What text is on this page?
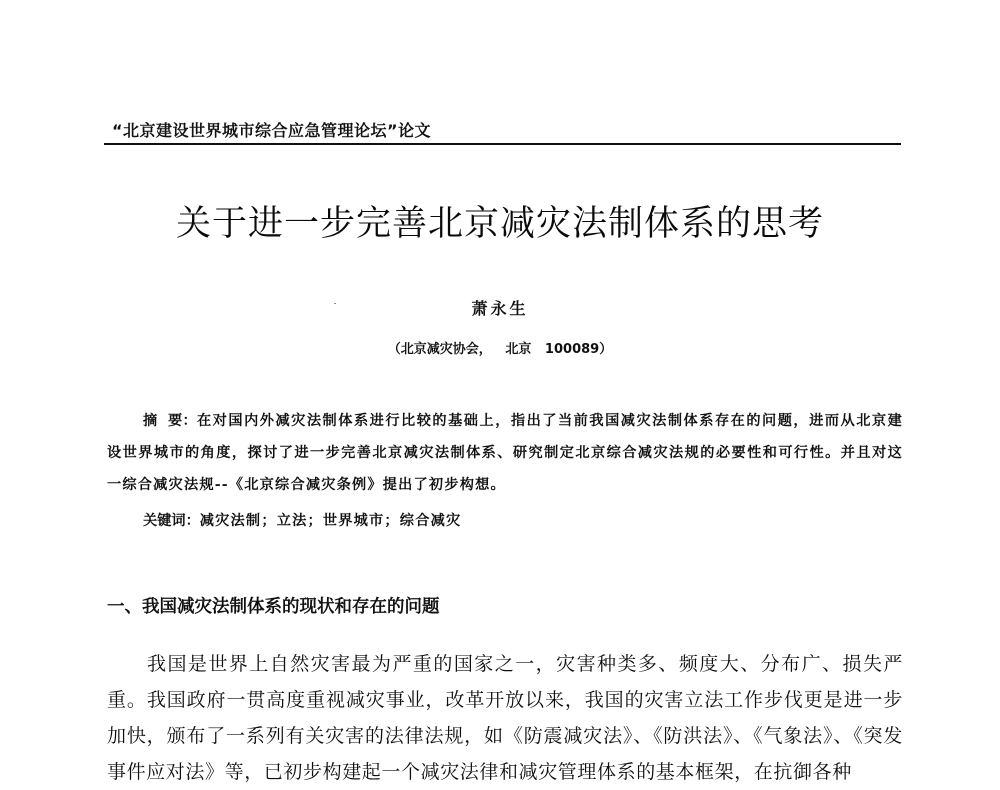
“北京建设世界城市综合应急管理论坛”论文
关于进一步完善北京减灾法制体系的思考
萧永生
（北京减灾协会，   北京   100089）
摘  要：在对国内外减灾法制体系进行比较的基础上，指出了当前我国减灾法制体系存在的问题，进而从北京建设世界城市的角度，探讨了进一步完善北京减灾法制体系、研究制定北京综合减灾法规的必要性和可行性。并且对这一综合减灾法规--《北京综合减灾条例》提出了初步构想。
关键词：减灾法制；立法；世界城市；综合减灾
一、我国减灾法制体系的现状和存在的问题

我国是世界上自然灾害最为严重的国家之一，灾害种类多、频度大、分布广、损失严重。我国政府一贯高度重视减灾事业，改革开放以来，我国的灾害立法工作步伐更是进一步加快，颁布了一系列有关灾害的法律法规，如《防震减灾法》、《防洪法》、《气象法》、《突发事件应对法》等，已初步构建起一个减灾法律和减灾管理体系的基本框架，在抗御各种
